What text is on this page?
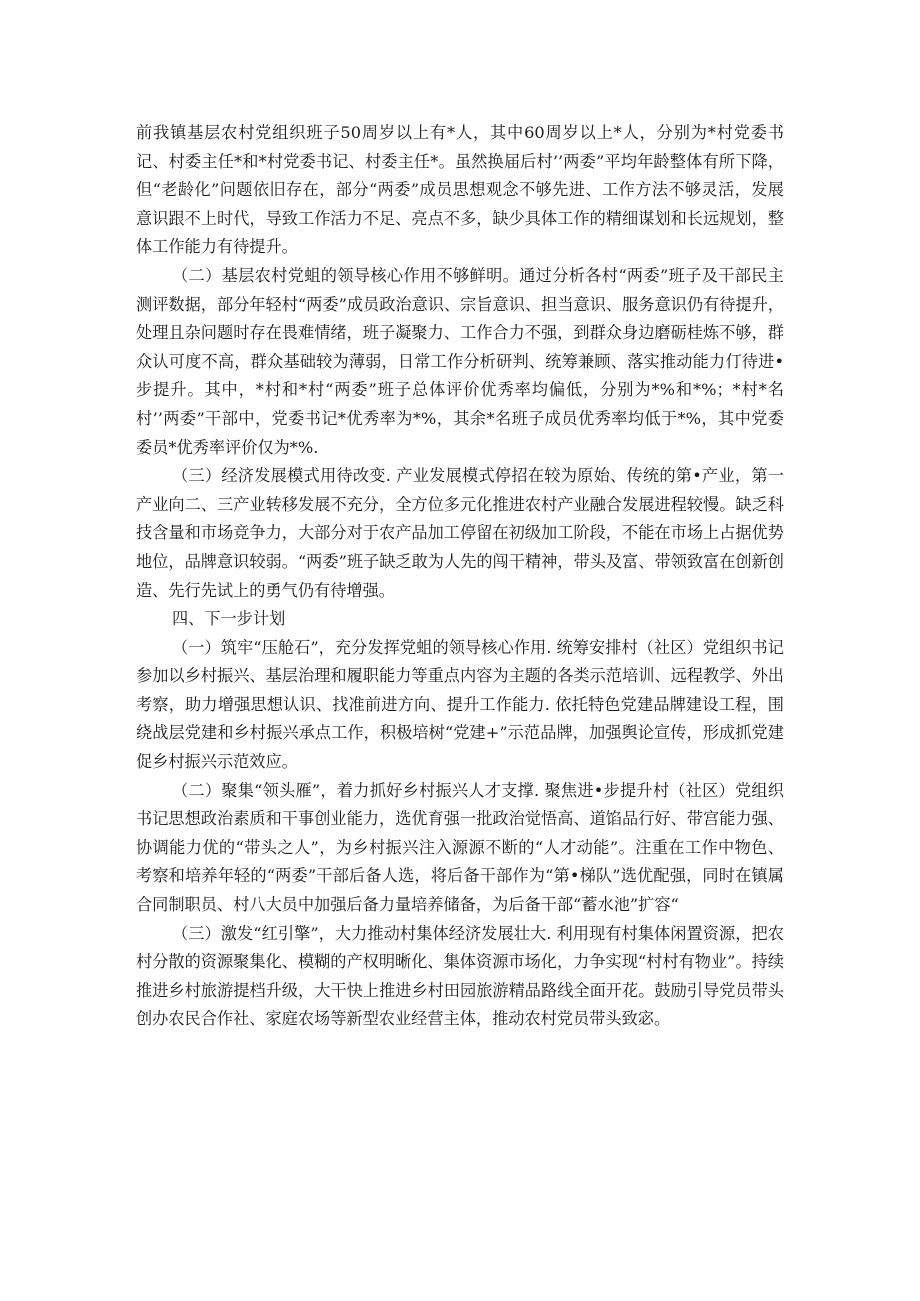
前我镇基层农村党组织班子50周岁以上有*人，其中60周岁以上*人，分别为*村党委书记、村委主任*和*村党委书记、村委主任*。虽然换届后村’’两委”平均年龄整体有所下降，但“老龄化”问题依旧存在，部分“两委”成员思想观念不够先进、工作方法不够灵活，发展意识跟不上时代，导致工作活力不足、亮点不多，缺少具体工作的精细谋划和长远规划，整体工作能力有待提升。

（二）基层农村党蛆的领导核心作用不够鲜明。通过分析各村“两委”班子及干部民主测评数据，部分年轻村“两委”成员政治意识、宗旨意识、担当意识、服务意识仍有待提升，处理且杂问题时存在畏难情绪，班子凝聚力、工作合力不强，到群众身边磨砺桂炼不够，群众认可度不高，群众基础较为薄弱，日常工作分析研判、统筹兼顾、落实推动能力仃待进•步提升。其中，*村和*村“两委”班子总体评价优秀率均偏低，分别为*%和*%；*村*名村’’两委”干部中，党委书记*优秀率为*%，其余*名班子成员优秀率均低于*%，其中党委委员*优秀率评价仅为*%.

（三）经济发展模式用待改变. 产业发展模式停招在较为原始、传统的第•产业，第一产业向二、三产业转移发展不充分，全方位多元化推进农村产业融合发展进程较慢。缺乏科技含量和市场竞争力，大部分对于农产品加工停留在初级加工阶段，不能在市场上占据优势地位，品牌意识较弱。“两委”班子缺乏敢为人先的闯干精神，带头及富、带领致富在创新创造、先行先试上的勇气仍有待增强。

四、下一步计划

（一）筑牢“压舱石”，充分发挥党蛆的领导核心作用. 统筹安排村（社区）党组织书记参加以乡村振兴、基层治理和履职能力等重点内容为主题的各类示范培训、远程教学、外出考察，助力增强思想认识、找准前进方向、提升工作能力. 依托特色党建品牌建设工程，围绕战层党建和乡村振兴承点工作，积极培树“党建+”示范品牌，加强舆论宣传，形成抓党建促乡村振兴示范效应。

（二）聚集“领头雁”，着力抓好乡村振兴人才支撑. 聚焦进•步提升村（社区）党组织书记思想政治素质和干事创业能力，选优育强一批政治觉悟高、道馅品行好、带宫能力强、协调能力优的“带头之人”，为乡村振兴注入源源不断的“人才动能”。注重在工作中物色、考察和培养年轻的“两委”干部后备人选，将后备干部作为“第•梯队”选优配强，同时在镇属合同制职员、村八大员中加强后备力量培养储备，为后备干部“蓄水池”扩容“

（三）激发“红引擎”，大力推动村集体经济发展壮大. 利用现有村集体闲置资源，把农村分散的资源聚集化、模糊的产权明晰化、集体资源市场化，力争实现“村村有物业”。持续推进乡村旅游提档升级，大干快上推进乡村田园旅游精品路线全面开花。鼓励引导党员带头创办农民合作社、家庭农场等新型农业经营主体，推动农村党员带头致宓。
